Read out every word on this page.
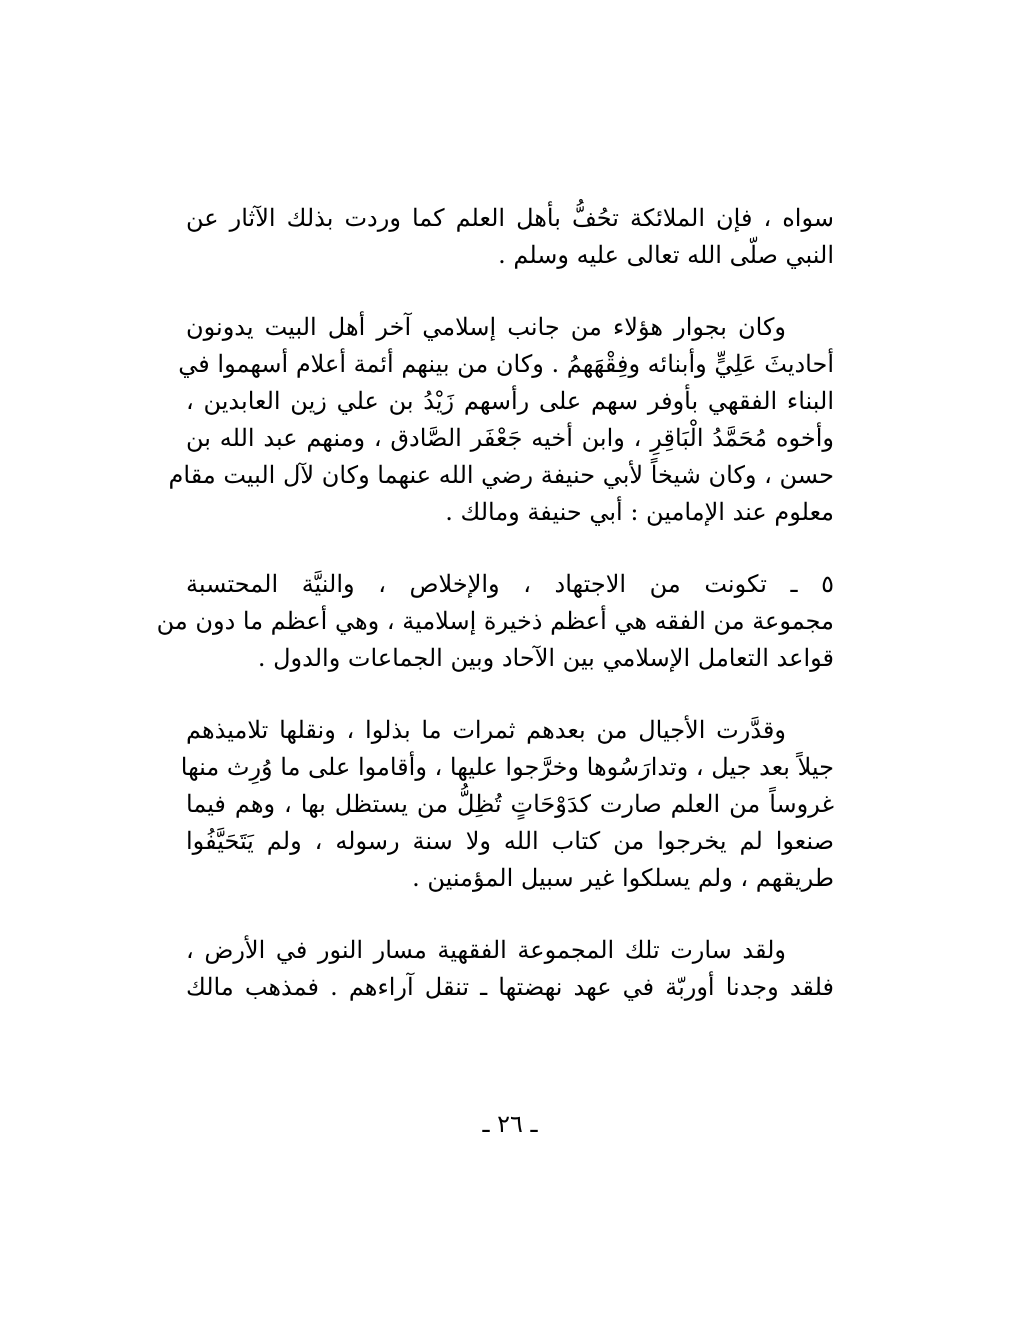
سواه ، فإن الملائكة تحُفُّ بأهل العلم كما وردت بذلك الآثار عن
النبي صلّى الله تعالى عليه وسلم .

وكان بجوار هؤلاء من جانب إسلامي آخر أهل البيت يدونون
أحاديثَ عَلِيٍّ وأبنائه وفِقْهَهمُ . وكان من بينهم أئمة أعلام أسهموا في
البناء الفقهي بأوفر سهم على رأسهم زَيْدُ بن علي زين العابدين ،
وأخوه مُحَمَّدُ الْبَاقِرِ ، وابن أخيه جَعْفَر الصَّادق ، ومنهم عبد الله بن
حسن ، وكان شيخاً لأبي حنيفة رضي الله عنهما وكان لآل البيت مقام
معلوم عند الإمامين : أبي حنيفة ومالك .

٥ ـ تكونت من الاجتهاد ، والإخلاص ، والنيَّة المحتسبة
مجموعة من الفقه هي أعظم ذخيرة إسلامية ، وهي أعظم ما دون من
قواعد التعامل الإسلامي بين الآحاد وبين الجماعات والدول .

وقدَّرت الأجيال من بعدهم ثمرات ما بذلوا ، ونقلها تلاميذهم
جيلاً بعد جيل ، وتدارَسُوها وخرَّجوا عليها ، وأقاموا على ما وُرِث منها
غروساً من العلم صارت كدَوْحَاتٍ تُظِلُّ من يستظل بها ، وهم فيما
صنعوا لم يخرجوا من كتاب الله ولا سنة رسوله ، ولم يَتَحَيَّفُوا
طريقهم ، ولم يسلكوا غير سبيل المؤمنين .

ولقد سارت تلك المجموعة الفقهية مسار النور في الأرض ،
فلقد وجدنا أوربّة في عهد نهضتها ـ تنقل آراءهم . فمذهب مالك

ـ ٢٦ ـ
